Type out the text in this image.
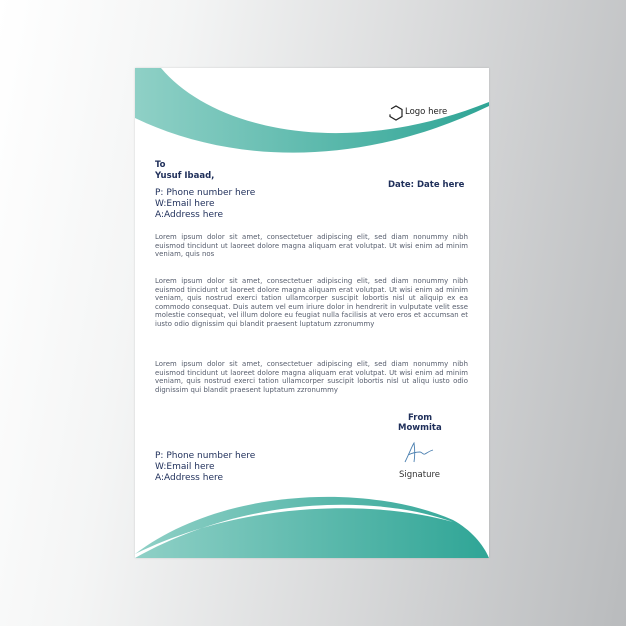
Logo here
To
Yusuf Ibaad,
Date: Date here
P: Phone number here
W:Email here
A:Address here
Lorem ipsum dolor sit amet, consectetuer adipiscing elit, sed diam nonummy nibh euismod tincidunt ut laoreet dolore magna aliquam erat volutpat. Ut wisi enim ad minim veniam, quis nos
Lorem ipsum dolor sit amet, consectetuer adipiscing elit, sed diam nonummy nibh euismod tincidunt ut laoreet dolore magna aliquam erat volutpat. Ut wisi enim ad minim veniam, quis nostrud exerci tation ullamcorper suscipit lobortis nisl ut aliquip ex ea commodo consequat. Duis autem vel eum iriure dolor in hendrerit in vulputate velit esse molestie consequat, vel illum dolore eu feugiat nulla facilisis at vero eros et accumsan et iusto odio dignissim qui blandit praesent luptatum zzronummy
Lorem ipsum dolor sit amet, consectetuer adipiscing elit, sed diam nonummy nibh euismod tincidunt ut laoreet dolore magna aliquam erat volutpat. Ut wisi enim ad minim veniam, quis nostrud exerci tation ullamcorper suscipit lobortis nisl ut aliqu iusto odio dignissim qui blandit praesent luptatum zzronummy
From
Mowmita
Signature
P: Phone number here
W:Email here
A:Address here
